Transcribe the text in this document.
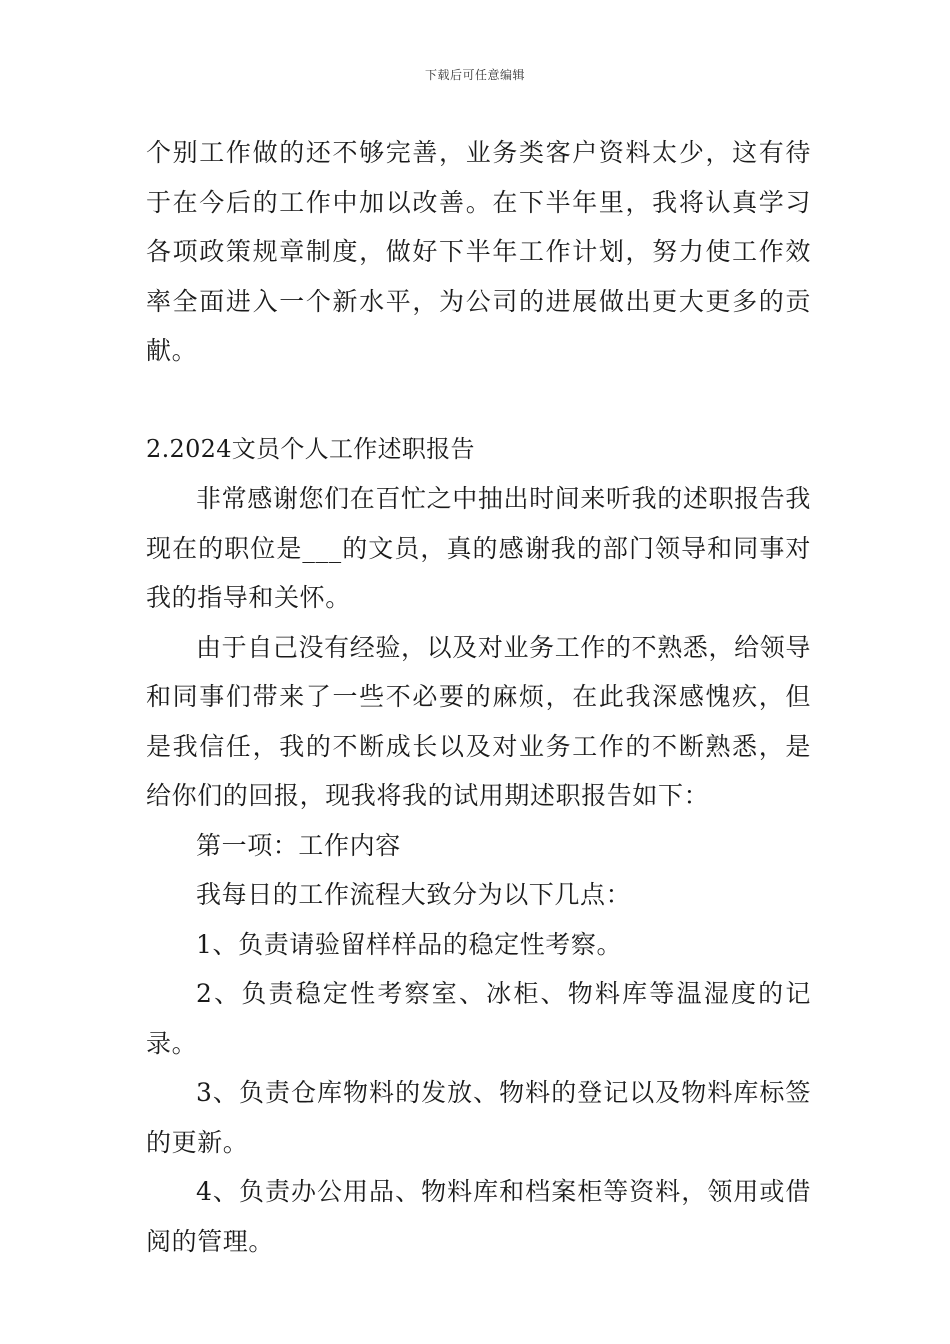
下载后可任意编辑

个别工作做的还不够完善，业务类客户资料太少，这有待于在今后的工作中加以改善。在下半年里，我将认真学习各项政策规章制度，做好下半年工作计划，努力使工作效率全面进入一个新水平，为公司的进展做出更大更多的贡献。

2.2024文员个人工作述职报告

非常感谢您们在百忙之中抽出时间来听我的述职报告我现在的职位是___的文员，真的感谢我的部门领导和同事对我的指导和关怀。

由于自己没有经验，以及对业务工作的不熟悉，给领导和同事们带来了一些不必要的麻烦，在此我深感愧疚，但是我信任，我的不断成长以及对业务工作的不断熟悉，是给你们的回报，现我将我的试用期述职报告如下：

第一项：工作内容

我每日的工作流程大致分为以下几点：

1、负责请验留样样品的稳定性考察。

2、负责稳定性考察室、冰柜、物料库等温湿度的记录。

3、负责仓库物料的发放、物料的登记以及物料库标签的更新。

4、负责办公用品、物料库和档案柜等资料，领用或借阅的管理。
